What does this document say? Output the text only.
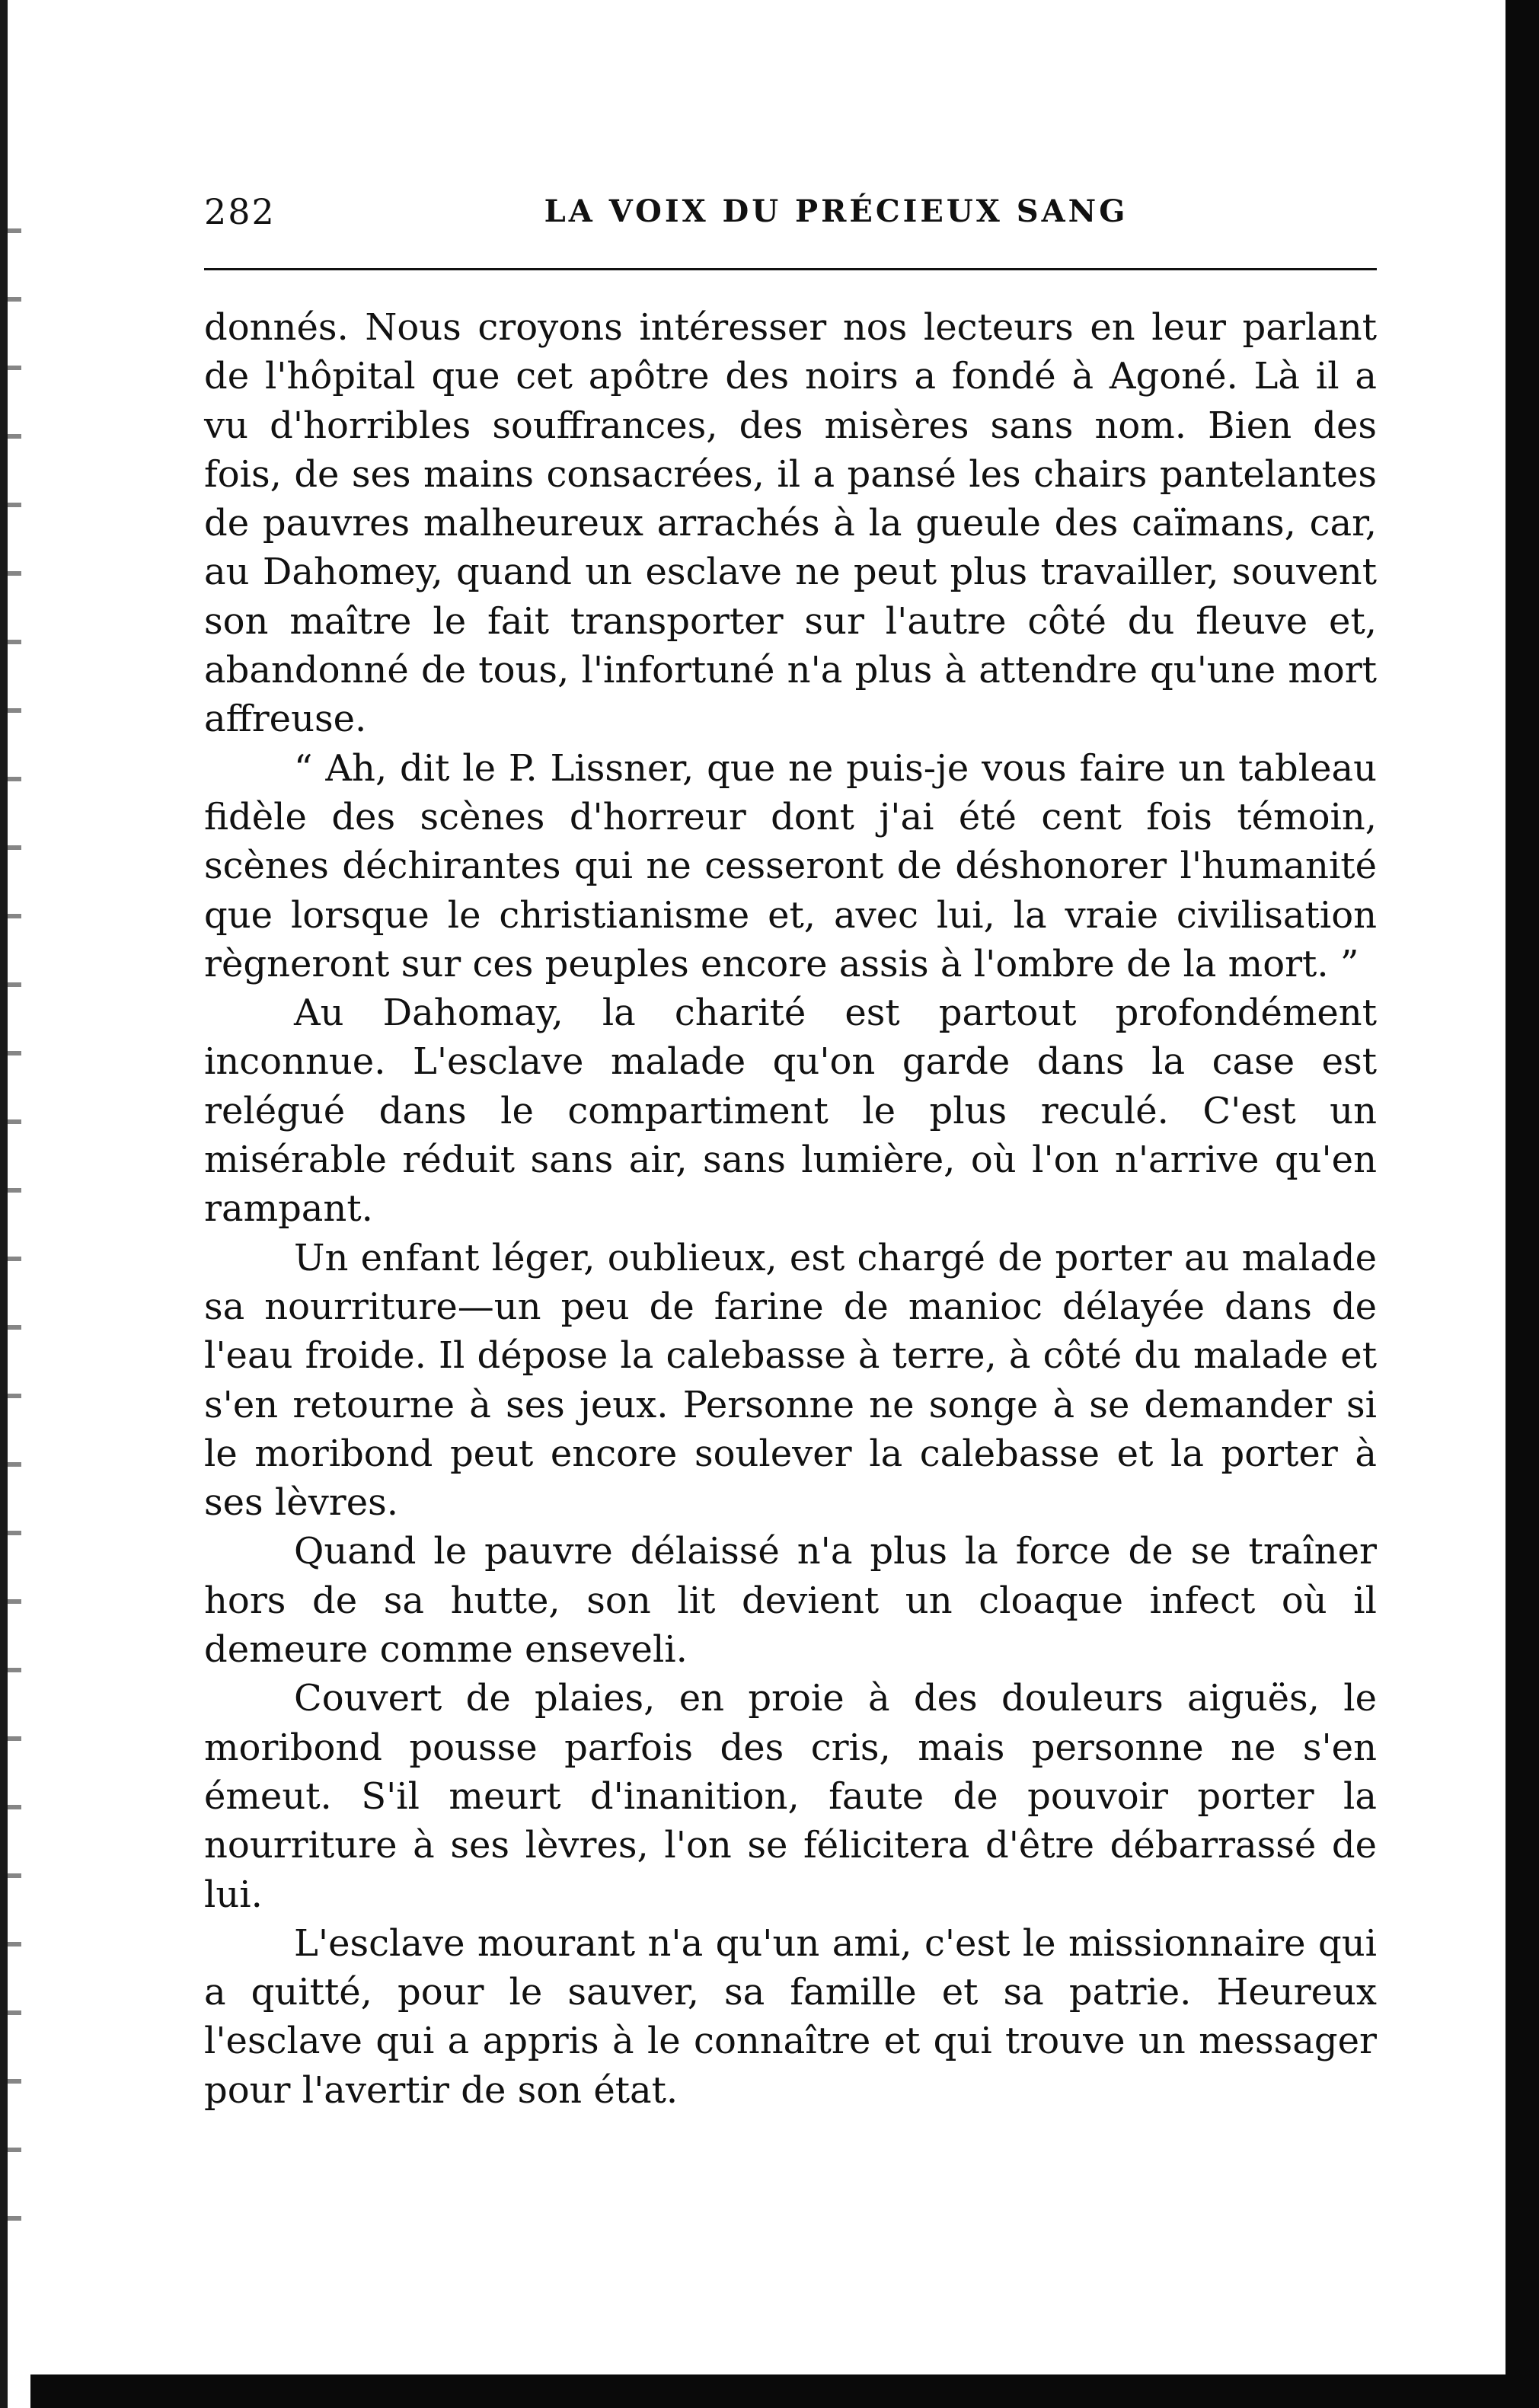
282	LA VOIX DU PRÉCIEUX SANG

donnés. Nous croyons intéresser nos lecteurs en leur parlant de l'hôpital que cet apôtre des noirs a fondé à Agoné. Là il a vu d'horribles souffrances, des misères sans nom. Bien des fois, de ses mains consacrées, il a pansé les chairs pantelantes de pauvres malheureux arrachés à la gueule des caïmans, car, au Dahomey, quand un esclave ne peut plus travailler, souvent son maître le fait transporter sur l'autre côté du fleuve et, abandonné de tous, l'infortuné n'a plus à attendre qu'une mort affreuse.

“ Ah, dit le P. Lissner, que ne puis-je vous faire un tableau fidèle des scènes d'horreur dont j'ai été cent fois témoin, scènes déchirantes qui ne cesseront de déshonorer l'humanité que lorsque le christianisme et, avec lui, la vraie civilisation règneront sur ces peuples encore assis à l'ombre de la mort. ”

Au Dahomay, la charité est partout profondément inconnue. L'esclave malade qu'on garde dans la case est relégué dans le compartiment le plus reculé. C'est un misérable réduit sans air, sans lumière, où l'on n'arrive qu'en rampant.

Un enfant léger, oublieux, est chargé de porter au malade sa nourriture—un peu de farine de manioc délayée dans de l'eau froide. Il dépose la calebasse à terre, à côté du malade et s'en retourne à ses jeux. Personne ne songe à se demander si le moribond peut encore soulever la calebasse et la porter à ses lèvres.

Quand le pauvre délaissé n'a plus la force de se traîner hors de sa hutte, son lit devient un cloaque infect où il demeure comme enseveli.

Couvert de plaies, en proie à des douleurs aiguës, le moribond pousse parfois des cris, mais personne ne s'en émeut. S'il meurt d'inanition, faute de pouvoir porter la nourriture à ses lèvres, l'on se félicitera d'être débarrassé de lui.

L'esclave mourant n'a qu'un ami, c'est le missionnaire qui a quitté, pour le sauver, sa famille et sa patrie. Heureux l'esclave qui a appris à le connaître et qui trouve un messager pour l'avertir de son état.
